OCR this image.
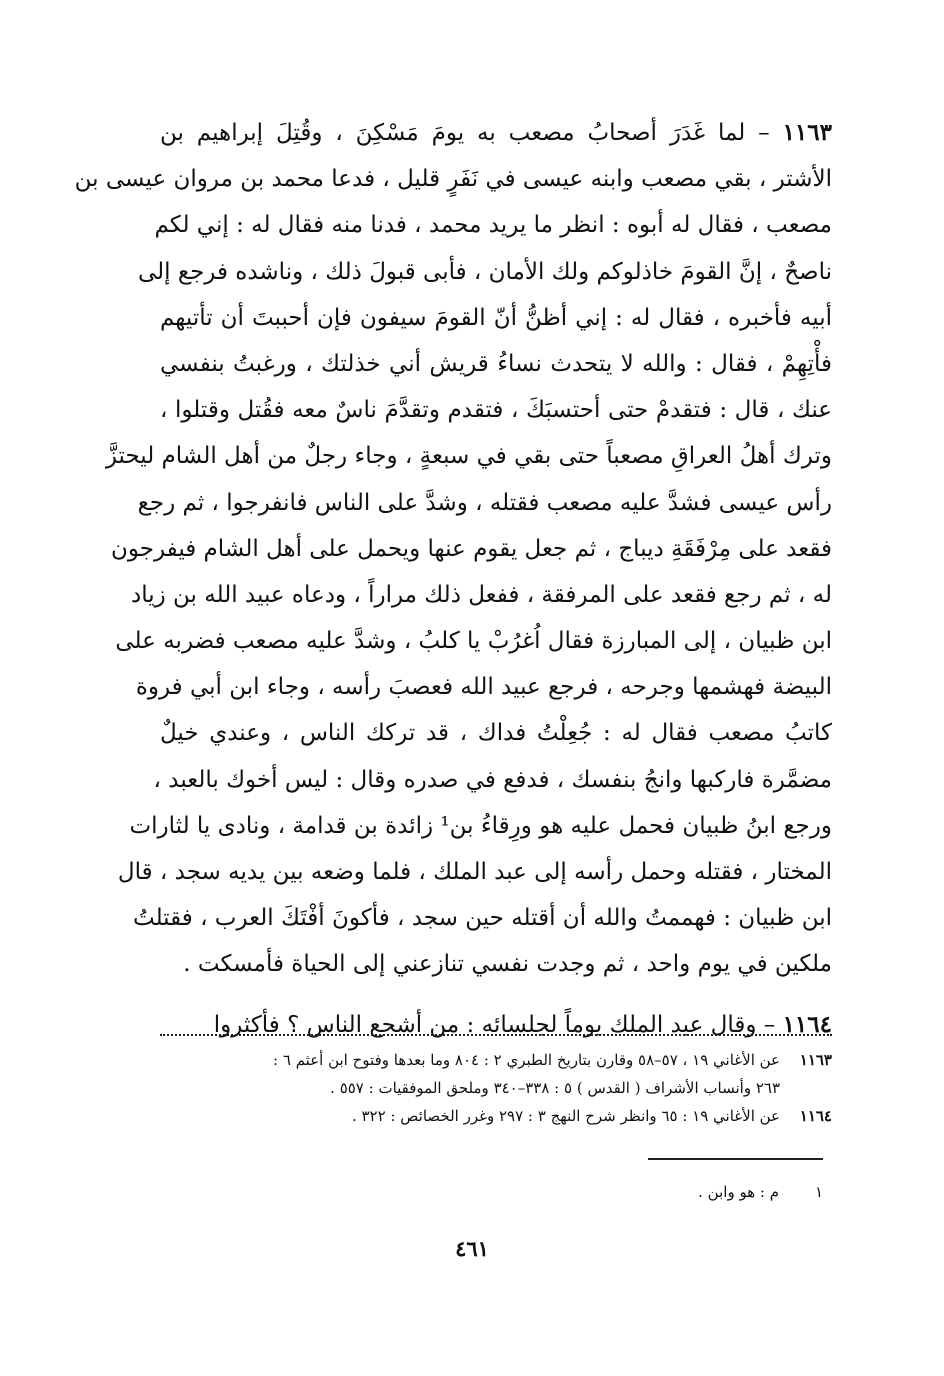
١١٦٣ – لما غَدَرَ أصحابُ مصعب به يومَ مَسْكِنَ ، وقُتِلَ إبراهيم بن
الأشتر ، بقي مصعب وابنه عيسى في نَفَرٍ قليل ، فدعا محمد بن مروان عيسى بن
مصعب ، فقال له أبوه : انظر ما يريد محمد ، فدنا منه فقال له : إني لكم
ناصحٌ ، إنَّ القومَ خاذلوكم ولك الأمان ، فأبى قبولَ ذلك ، وناشده فرجع إلى
أبيه فأخبره ، فقال له : إني أظنُّ أنّ القومَ سيفون فإن أحببتَ أن تأتيهم
فأْتِهِمْ ، فقال : والله لا يتحدث نساءُ قريش أني خذلتك ، ورغبتُ بنفسي
عنك ، قال : فتقدمْ حتى أحتسبَكَ ، فتقدم وتقدَّمَ ناسٌ معه فقُتل وقتلوا ،
وترك أهلُ العراقِ مصعباً حتى بقي في سبعةٍ ، وجاء رجلٌ من أهل الشام ليحتزَّ
رأس عيسى فشدَّ عليه مصعب فقتله ، وشدَّ على الناس فانفرجوا ، ثم رجع
فقعد على مِرْفَقَةِ ديباج ، ثم جعل يقوم عنها ويحمل على أهل الشام فيفرجون
له ، ثم رجع فقعد على المرفقة ، ففعل ذلك مراراً ، ودعاه عبيد الله بن زياد
ابن ظبيان ، إلى المبارزة فقال اُغرُبْ يا كلبُ ، وشدَّ عليه مصعب فضربه على
البيضة فهشمها وجرحه ، فرجع عبيد الله فعصبَ رأسه ، وجاء ابن أبي فروة
كاتبُ مصعب فقال له : جُعِلْتُ فداك ، قد تركك الناس ، وعندي خيلٌ
مضمَّرة فاركبها وانجُ بنفسك ، فدفع في صدره وقال : ليس أخوك بالعبد ،
ورجع ابنُ ظبيان فحمل عليه هو ورِقاءُ بن¹ زائدة بن قدامة ، ونادى يا لثارات
المختار ، فقتله وحمل رأسه إلى عبد الملك ، فلما وضعه بين يديه سجد ، قال
ابن ظبيان : فهممتُ والله أن أقتله حين سجد ، فأكونَ أفْتَكَ العرب ، فقتلتُ
ملكين في يوم واحد ، ثم وجدت نفسي تنازعني إلى الحياة فأمسكت .
١١٦٤ – وقال عبد الملك يوماً لجلسائه : من أشجع الناس ؟ فأكثروا
١١٦٣عن الأغاني ١٩ ، ٥٧–٥٨ وقارن بتاريخ الطبري ٢ : ٨٠٤ وما بعدها وفتوح ابن أعثم ٦ :
٢٦٣ وأنساب الأشراف ( القدس ) ٥ : ٣٣٨–٣٤٠ وملحق الموفقيات : ٥٥٧ .
١١٦٤عن الأغاني ١٩ : ٦٥ وانظر شرح النهج ٣ : ٢٩٧ وغرر الخصائص : ٣٢٢ .
١م : هو وابن .
٤٦١
